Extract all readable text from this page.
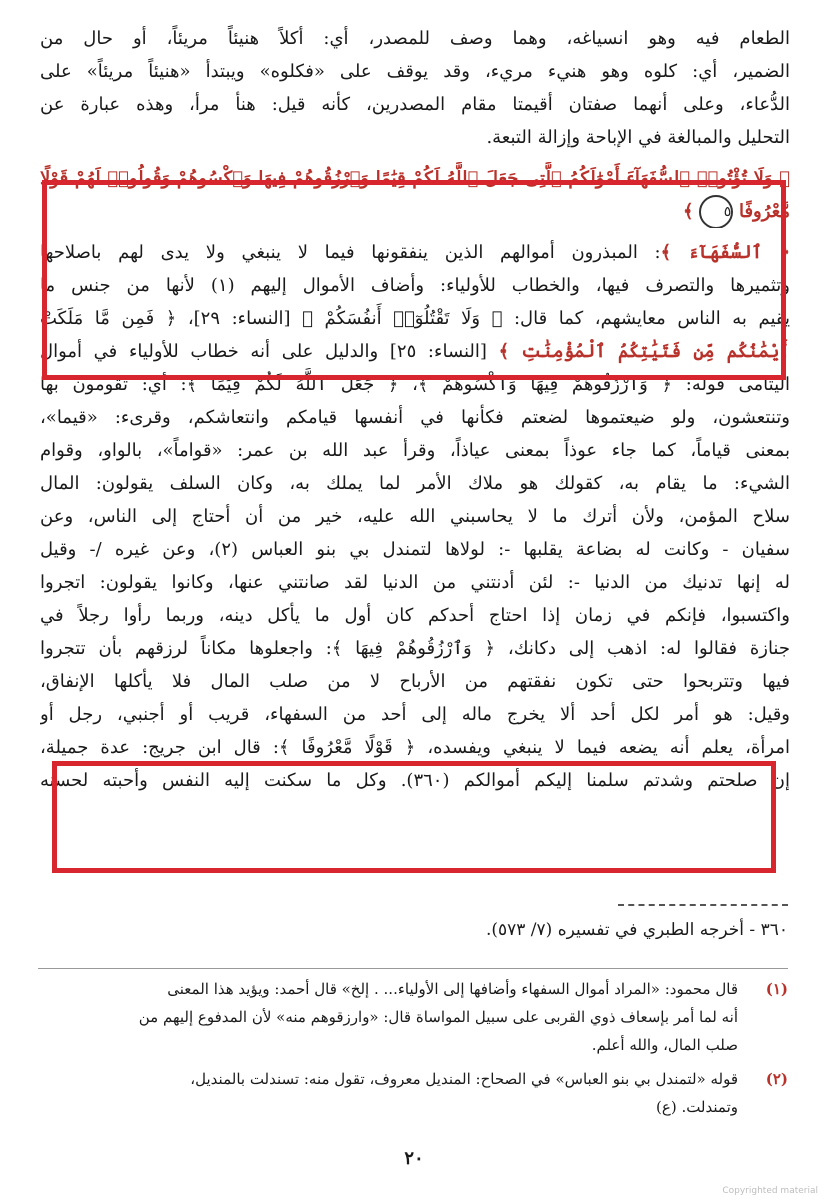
الطعام فيه وهو انسياغه، وهما وصف للمصدر، أي: أكلاً هنيئاً مريئاً، أو حال من
الضمير، أي: كلوه وهو هنيء مريء، وقد يوقف على «فكلوه» ويبتدأ «هنيئاً مريئاً» على
الدُّعاء، وعلى أنهما صفتان أقيمتا مقام المصدرين، كأنه قيل: هنأ مرأ، وهذه عبارة عن
التحليل والمبالغة في الإباحة وإزالة التبعة.
﴿ وَلَا تُؤْتُوا۟ ٱلسُّفَهَآءَ أَمْوَٰلَكُمُ ٱلَّتِى جَعَلَ ٱللَّهُ لَكُمْ قِيَٰمًا وَٱرْزُقُوهُمْ فِيهَا وَٱكْسُوهُمْ وَقُولُوا۟ لَهُمْ قَوْلًا
مَّعْرُوفًا ٥ ﴾
﴿ ٱلسُّفَهَآءَ ﴾: المبذرون أموالهم الذين ينفقونها فيما لا ينبغي ولا يدى لهم باصلاحها
وتثميرها والتصرف فيها، والخطاب للأولياء: وأضاف الأموال إليهم (١) لأنها من جنس ما
يقيم به الناس معايشهم، كما قال: ﴿ وَلَا تَقْتُلُوٓا۟ أَنفُسَكُمْ ﴾ [النساء: ٢٩]، ﴿ فَمِن مَّا مَلَكَتْ
أَيْمَٰنُكُم مِّن فَتَيَٰتِكُمُ ٱلْمُؤْمِنَٰتِ ﴾ [النساء: ٢٥] والدليل على أنه خطاب للأولياء في أموال
اليتامى قوله: ﴿ وَٱرْزُقُوهُمْ فِيهَا وَٱكْسُوهُمْ ﴾، ﴿ جَعَلَ ٱللَّهُ لَكُمْ قِيَٰمًا ﴾: أي: تقومون بها
وتنتعشون، ولو ضيعتموها لضعتم فكأنها في أنفسها قيامكم وانتعاشكم، وقرىء: «قيما»،
بمعنى قياماً، كما جاء عوذاً بمعنى عياذاً، وقرأ عبد الله بن عمر: «قواماً»، بالواو، وقوام
الشيء: ما يقام به، كقولك هو ملاك الأمر لما يملك به، وكان السلف يقولون: المال
سلاح المؤمن، ولأن أترك ما لا يحاسبني الله عليه، خير من أن أحتاج إلى الناس، وعن
سفيان - وكانت له بضاعة يقلبها -: لولاها لتمندل بي بنو العباس (٢)، وعن غيره /- وقيل
له إنها تدنيك من الدنيا -: لئن أدنتني من الدنيا لقد صانتني عنها، وكانوا يقولون: اتجروا
واكتسبوا، فإنكم في زمان إذا احتاج أحدكم كان أول ما يأكل دينه، وربما رأوا رجلاً في
جنازة فقالوا له: اذهب إلى دكانك، ﴿ وَٱرْزُقُوهُمْ فِيهَا ﴾: واجعلوها مكاناً لرزقهم بأن تتجروا
فيها وتتربحوا حتى تكون نفقتهم من الأرباح لا من صلب المال فلا يأكلها الإنفاق،
وقيل: هو أمر لكل أحد ألا يخرج ماله إلى أحد من السفهاء، قريب أو أجنبي، رجل أو
امرأة، يعلم أنه يضعه فيما لا ينبغي ويفسده، ﴿ قَوْلًا مَّعْرُوفًا ﴾: قال ابن جريج: عدة جميلة،
إن صلحتم وشدتم سلمنا إليكم أموالكم (٣٦٠). وكل ما سكنت إليه النفس وأحبته لحسنه
٣٦٠ - أخرجه الطبري في تفسيره (٧/ ٥٧٣).
(١)
قال محمود: «المراد أموال السفهاء وأضافها إلى الأولياء... . إلخ» قال أحمد: ويؤيد هذا المعنى
أنه لما أمر بإسعاف ذوي القربى على سبيل المواساة قال: «وارزقوهم منه» لأن المدفوع إليهم من
صلب المال، والله أعلم.
(٢)
قوله «لتمندل بي بنو العباس» في الصحاح: المنديل معروف، تقول منه: تسندلت بالمنديل،
وتمندلت. (ع)
٢٠
Copyrighted material
